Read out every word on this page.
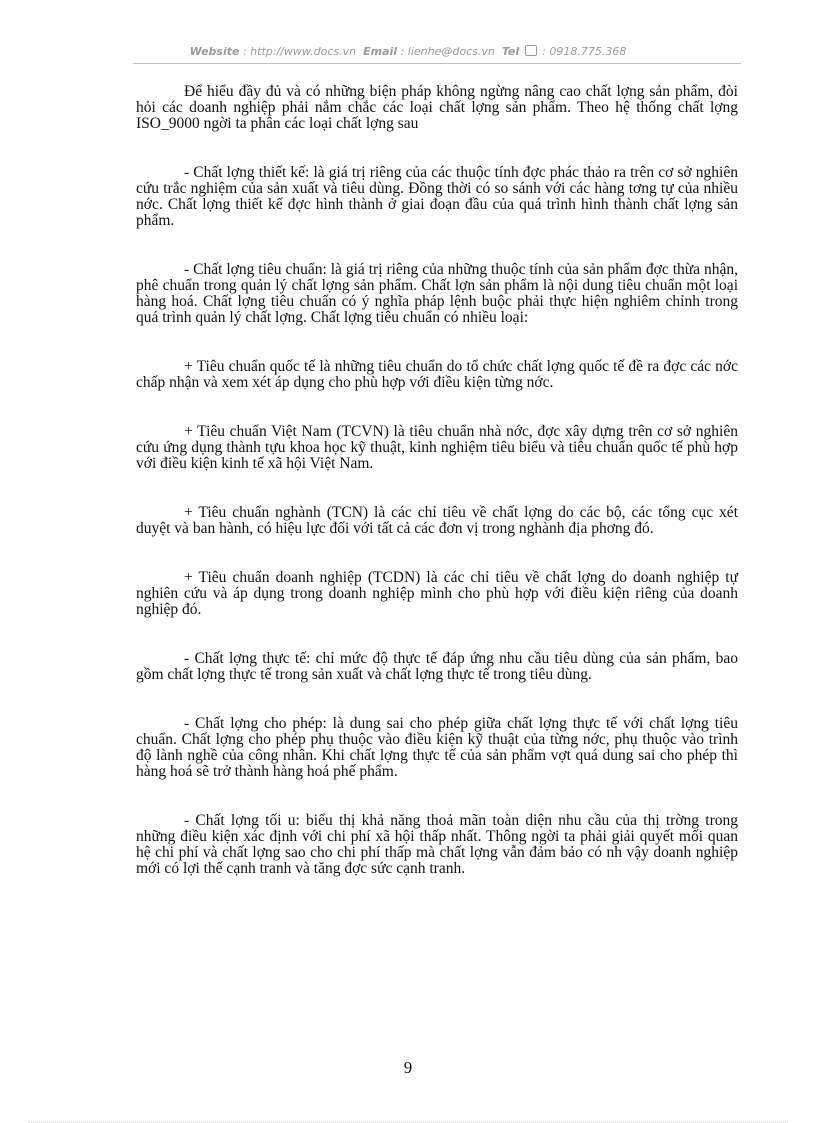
Website : http://www.docs.vn Email : lienhe@docs.vn Tel : 0918.775.368

Để hiểu đầy đủ và có những biện pháp không ngừng nâng cao chất lợng sản phẩm, đòi hỏi các doanh nghiệp phải nắm chắc các loại chất lợng sản phẩm. Theo hệ thống chất lợng ISO_9000 ngời ta phân các loại chất lợng sau

- Chất lợng thiết kế: là giá trị riêng của các thuộc tính đợc phác thảo ra trên cơ sở nghiên cứu trắc nghiệm của sản xuất và tiêu dùng. Đồng thời có so sánh với các hàng tơng tự của nhiều nớc. Chất lợng thiết kế đợc hình thành ở giai đoạn đầu của quá trình hình thành chất lợng sản phẩm.

- Chất lợng tiêu chuẩn: là giá trị riêng của những thuộc tính của sản phẩm đợc thừa nhận, phê chuẩn trong quản lý chất lợng sản phẩm. Chất lợn sản phẩm là nội dung tiêu chuẩn một loại hàng hoá. Chất lợng tiêu chuẩn có ý nghĩa pháp lệnh buộc phải thực hiện nghiêm chỉnh trong quá trình quản lý chất lợng. Chất lợng tiêu chuẩn có nhiều loại:

+ Tiêu chuẩn quốc tế là những tiêu chuẩn do tổ chức chất lợng quốc tế đề ra đợc các nớc chấp nhận và xem xét áp dụng cho phù hợp với điều kiện từng nớc.

+ Tiêu chuẩn Việt Nam (TCVN) là tiêu chuẩn nhà nớc, đợc xây dựng trên cơ sở nghiên cứu ứng dụng thành tựu khoa học kỹ thuật, kinh nghiệm tiêu biểu và tiêu chuẩn quốc tế phù hợp với điều kiện kinh tế xã hội Việt Nam.

+ Tiêu chuẩn nghành (TCN) là các chỉ tiêu về chất lợng do các bộ, các tổng cục xét duyệt và ban hành, có hiệu lực đối với tất cả các đơn vị trong nghành địa phơng đó.

+ Tiêu chuẩn doanh nghiệp (TCDN) là các chỉ tiêu về chất lợng do doanh nghiệp tự nghiên cứu và áp dụng trong doanh nghiệp mình cho phù hợp với điều kiện riêng của doanh nghiệp đó.

- Chất lợng thực tế: chỉ mức độ thực tế đáp ứng nhu cầu tiêu dùng của sản phẩm, bao gồm chất lợng thực tế trong sản xuất và chất lợng thực tế trong tiêu dùng.

- Chất lợng cho phép: là dung sai cho phép giữa chất lợng thực tế với chất lợng tiêu chuẩn. Chất lợng cho phép phụ thuộc vào điều kiện kỹ thuật của từng nớc, phụ thuộc vào trình độ lành nghề của công nhân. Khi chất lợng thực tế của sản phẩm vợt quá dung sai cho phép thì hàng hoá sẽ trở thành hàng hoá phế phẩm.

- Chất lợng tối u: biểu thị khả năng thoả mãn toàn diện nhu cầu của thị trờng trong những điều kiện xác định với chi phí xã hội thấp nhất. Thông ngời ta phải giải quyết mối quan hệ chi phí và chất lợng sao cho chi phí thấp mà chất lợng vẫn đảm bảo có nh vậy doanh nghiệp mới có lợi thế cạnh tranh và tăng đợc sức cạnh tranh.

9
